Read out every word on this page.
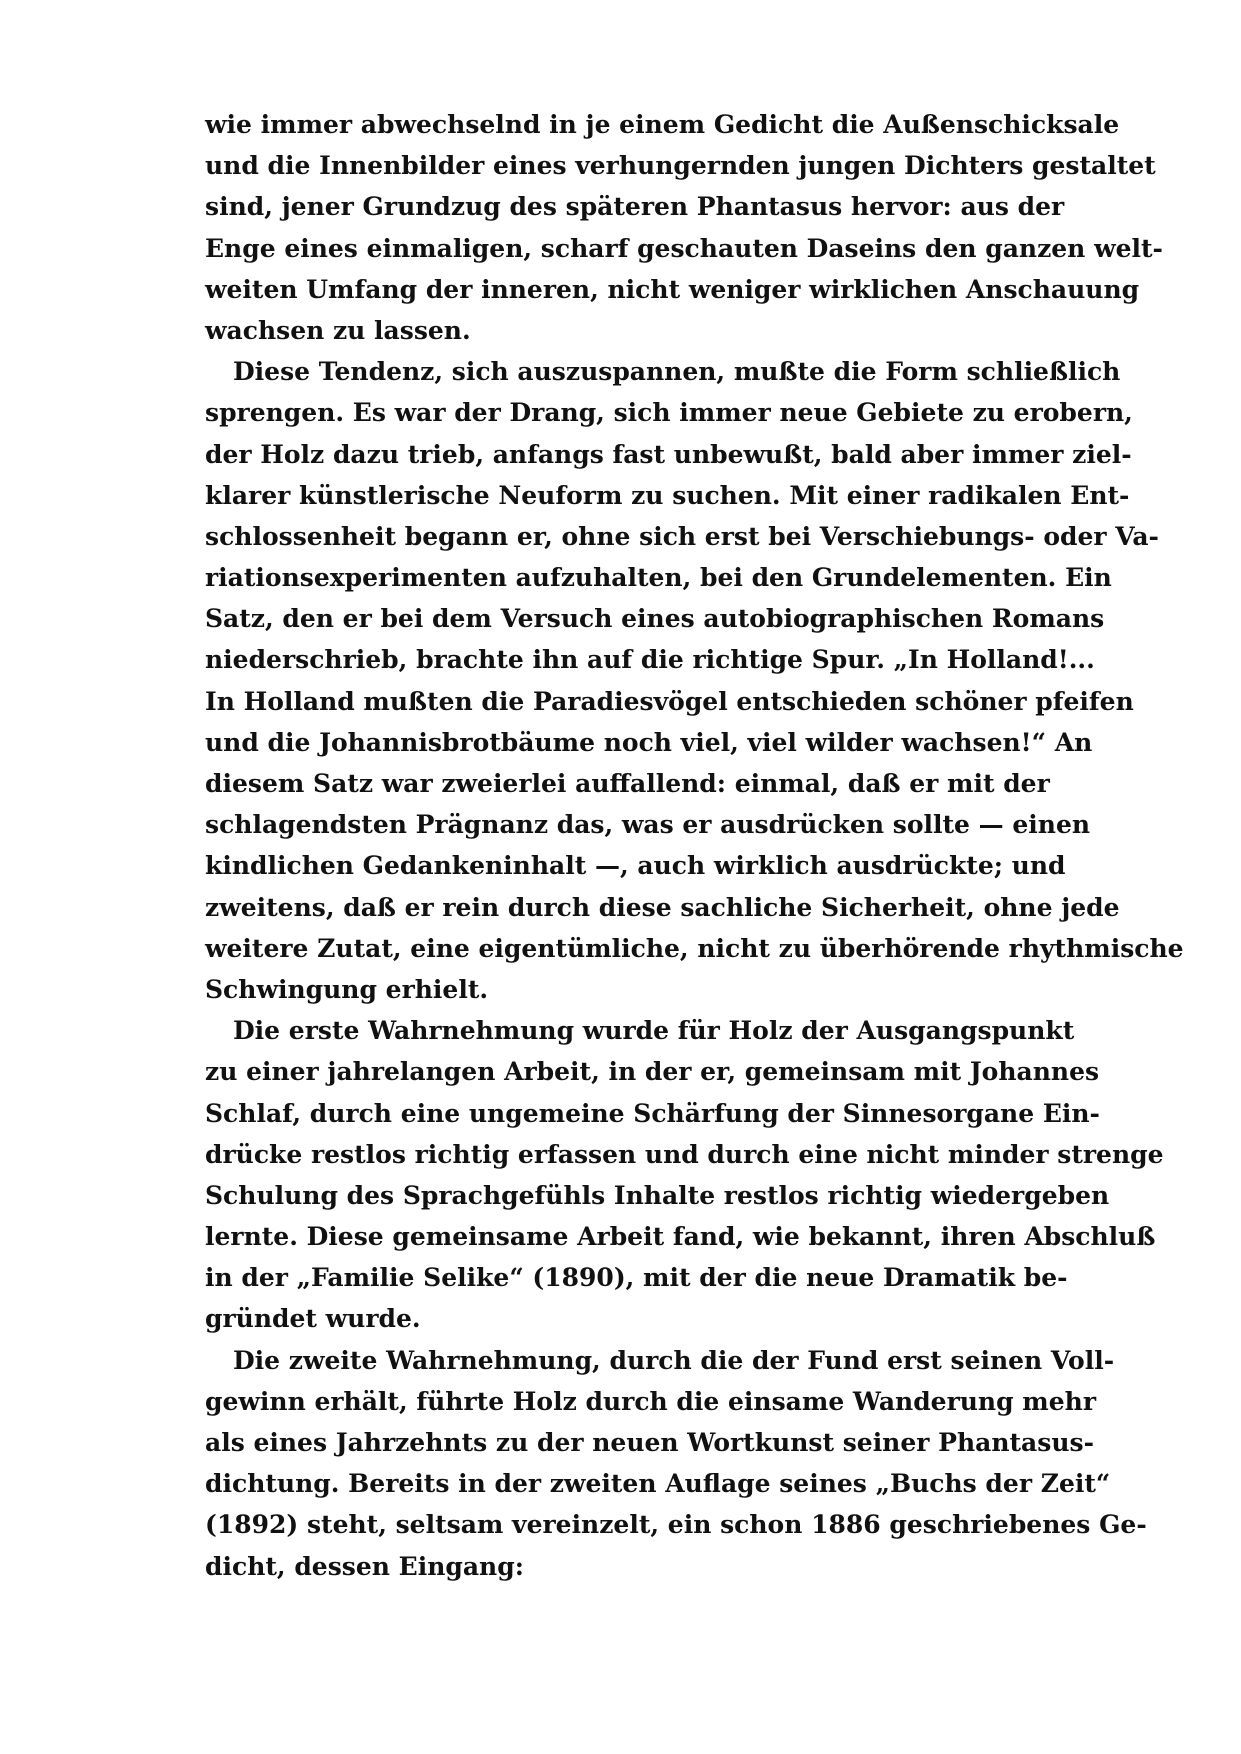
wie immer abwechselnd in je einem Gedicht die Außenschicksale
und die Innenbilder eines verhungernden jungen Dichters gestaltet
sind, jener Grundzug des späteren Phantasus hervor: aus der
Enge eines einmaligen, scharf geschauten Daseins den ganzen welt-
weiten Umfang der inneren, nicht weniger wirklichen Anschauung
wachsen zu lassen.
Diese Tendenz, sich auszuspannen, mußte die Form schließlich
sprengen. Es war der Drang, sich immer neue Gebiete zu erobern,
der Holz dazu trieb, anfangs fast unbewußt, bald aber immer ziel-
klarer künstlerische Neuform zu suchen. Mit einer radikalen Ent-
schlossenheit begann er, ohne sich erst bei Verschiebungs- oder Va-
riationsexperimenten aufzuhalten, bei den Grundelementen. Ein
Satz, den er bei dem Versuch eines autobiographischen Romans
niederschrieb, brachte ihn auf die richtige Spur. „In Holland!...
In Holland mußten die Paradiesvögel entschieden schöner pfeifen
und die Johannisbrotbäume noch viel, viel wilder wachsen!“ An
diesem Satz war zweierlei auffallend: einmal, daß er mit der
schlagendsten Prägnanz das, was er ausdrücken sollte — einen
kindlichen Gedankeninhalt —, auch wirklich ausdrückte; und
zweitens, daß er rein durch diese sachliche Sicherheit, ohne jede
weitere Zutat, eine eigentümliche, nicht zu überhörende rhythmische
Schwingung erhielt.
Die erste Wahrnehmung wurde für Holz der Ausgangspunkt
zu einer jahrelangen Arbeit, in der er, gemeinsam mit Johannes
Schlaf, durch eine ungemeine Schärfung der Sinnesorgane Ein-
drücke restlos richtig erfassen und durch eine nicht minder strenge
Schulung des Sprachgefühls Inhalte restlos richtig wiedergeben
lernte. Diese gemeinsame Arbeit fand, wie bekannt, ihren Abschluß
in der „Familie Selike“ (1890), mit der die neue Dramatik be-
gründet wurde.
Die zweite Wahrnehmung, durch die der Fund erst seinen Voll-
gewinn erhält, führte Holz durch die einsame Wanderung mehr
als eines Jahrzehnts zu der neuen Wortkunst seiner Phantasus-
dichtung. Bereits in der zweiten Auflage seines „Buchs der Zeit“
(1892) steht, seltsam vereinzelt, ein schon 1886 geschriebenes Ge-
dicht, dessen Eingang:
